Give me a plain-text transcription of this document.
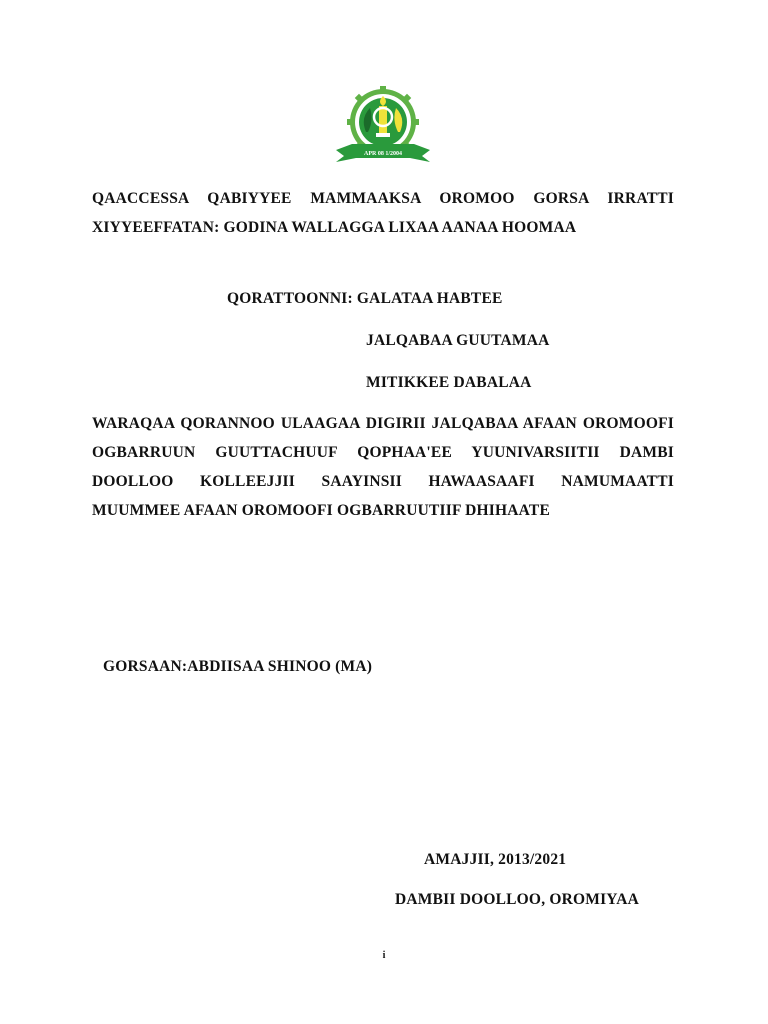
APR 08 1/2004
QAACCESSA QABIYYEE MAMMAAKSA OROMOO GORSA IRRATTI XIYYEEFFATAN: GODINA WALLAGGA LIXAA AANAA HOOMAA
QORATTOONNI: GALATAA HABTEE
JALQABAA GUUTAMAA
MITIKKEE DABALAA
WARAQAA QORANNOO ULAAGAA DIGIRII JALQABAA AFAAN OROMOOFI OGBARRUUN GUUTTACHUUF QOPHAA'EE YUUNIVARSIITII DAMBI DOOLLOO KOLLEEJJII SAAYINSII HAWAASAAFI NAMUMAATTI MUUMMEE AFAAN OROMOOFI OGBARRUUTIIF DHIHAATE
GORSAAN:ABDIISAA SHINOO (MA)
AMAJJII, 2013/2021
DAMBII DOOLLOO, OROMIYAA
i
